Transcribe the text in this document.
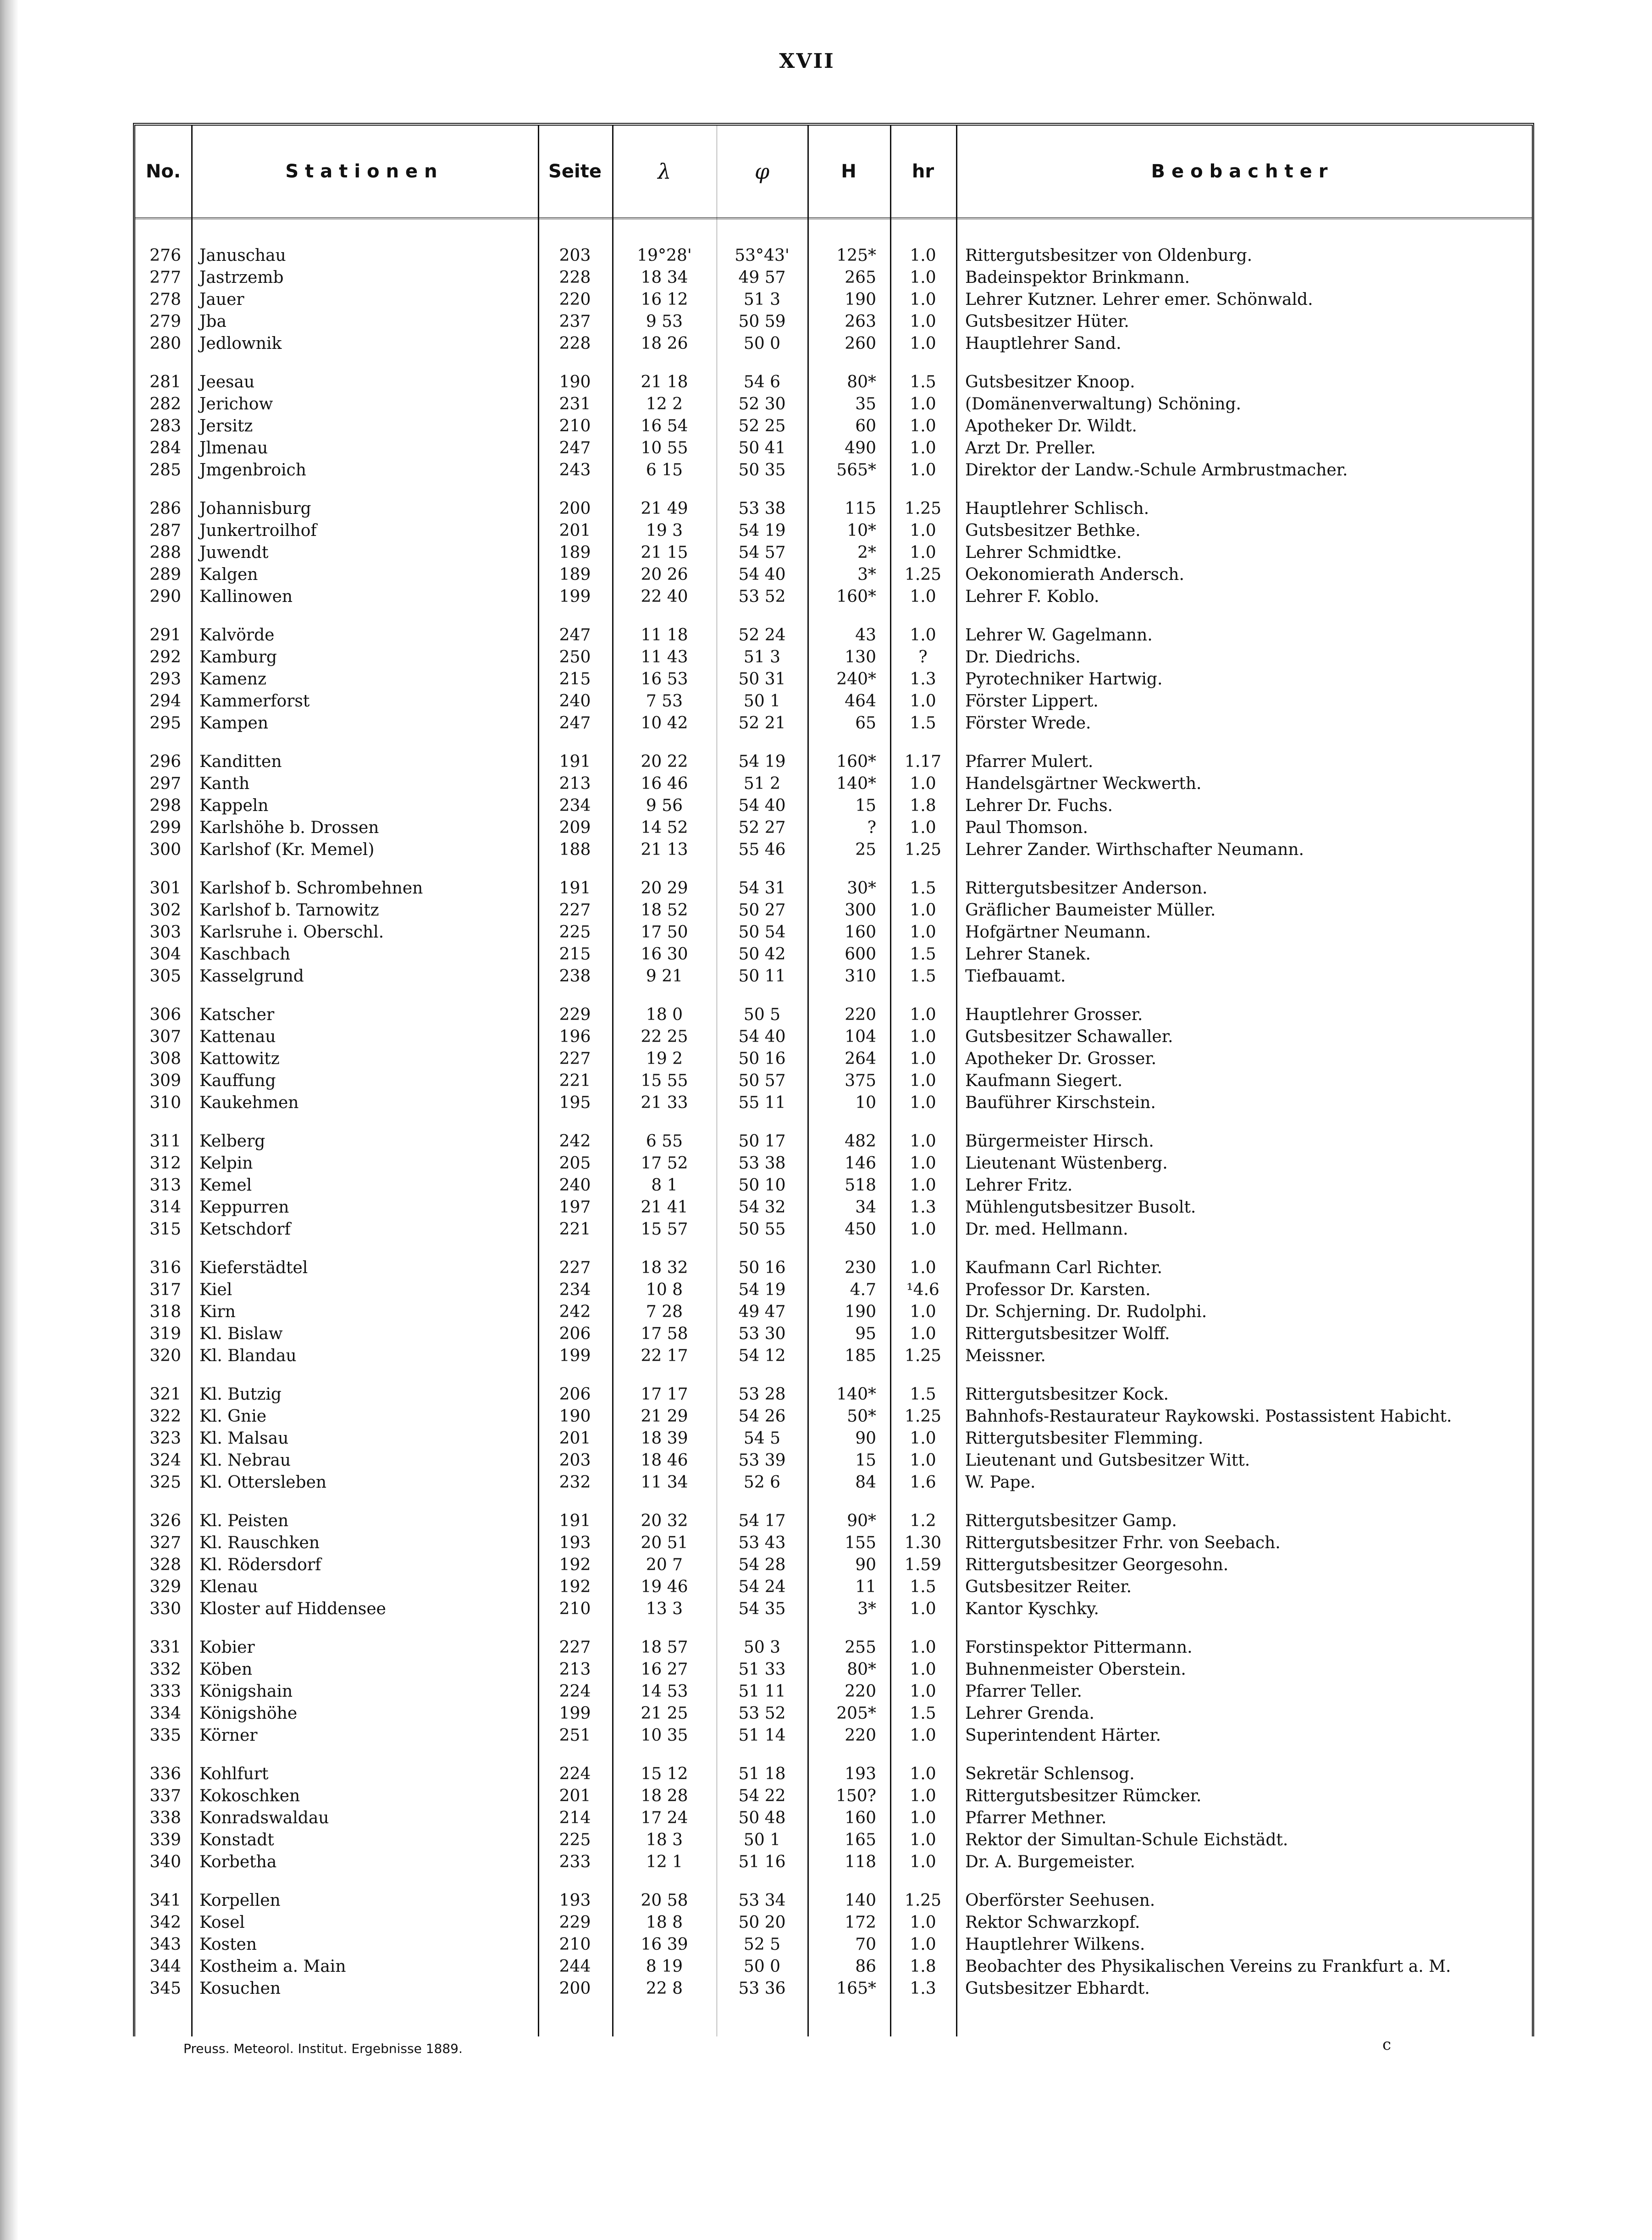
XVII
No.	Stationen	Seite	λ	φ	H	hr	Beobachter
276 Januschau	203	19°28'	53°43'	125*	1.0	Rittergutsbesitzer von Oldenburg.
277 Jastrzemb	228	18 34	49 57	265	1.0	Badeinspektor Brinkmann.
278 Jauer	220	16 12	51 3	190	1.0	Lehrer Kutzner. Lehrer emer. Schönwald.
279 Jba	237	9 53	50 59	263	1.0	Gutsbesitzer Hüter.
280 Jedlownik	228	18 26	50 0	260	1.0	Hauptlehrer Sand.
281 Jeesau	190	21 18	54 6	80*	1.5	Gutsbesitzer Knoop.
282 Jerichow	231	12 2	52 30	35	1.0	(Domänenverwaltung) Schöning.
283 Jersitz	210	16 54	52 25	60	1.0	Apotheker Dr. Wildt.
284 Jlmenau	247	10 55	50 41	490	1.0	Arzt Dr. Preller.
285 Jmgenbroich	243	6 15	50 35	565*	1.0	Direktor der Landw.-Schule Armbrustmacher.
286 Johannisburg	200	21 49	53 38	115	1.25	Hauptlehrer Schlisch.
287 Junkertroilhof	201	19 3	54 19	10*	1.0	Gutsbesitzer Bethke.
288 Juwendt	189	21 15	54 57	2*	1.0	Lehrer Schmidtke.
289 Kalgen	189	20 26	54 40	3*	1.25	Oekonomierath Andersch.
290 Kallinowen	199	22 40	53 52	160*	1.0	Lehrer F. Koblo.
291 Kalvörde	247	11 18	52 24	43	1.0	Lehrer W. Gagelmann.
292 Kamburg	250	11 43	51 3	130	?	Dr. Diedrichs.
293 Kamenz	215	16 53	50 31	240*	1.3	Pyrotechniker Hartwig.
294 Kammerforst	240	7 53	50 1	464	1.0	Förster Lippert.
295 Kampen	247	10 42	52 21	65	1.5	Förster Wrede.
296 Kanditten	191	20 22	54 19	160*	1.17	Pfarrer Mulert.
297 Kanth	213	16 46	51 2	140*	1.0	Handelsgärtner Weckwerth.
298 Kappeln	234	9 56	54 40	15	1.8	Lehrer Dr. Fuchs.
299 Karlshöhe b. Drossen	209	14 52	52 27	?	1.0	Paul Thomson.
300 Karlshof (Kr. Memel)	188	21 13	55 46	25	1.25	Lehrer Zander. Wirthschafter Neumann.
301 Karlshof b. Schrombehnen	191	20 29	54 31	30*	1.5	Rittergutsbesitzer Anderson.
302 Karlshof b. Tarnowitz	227	18 52	50 27	300	1.0	Gräflicher Baumeister Müller.
303 Karlsruhe i. Oberschl.	225	17 50	50 54	160	1.0	Hofgärtner Neumann.
304 Kaschbach	215	16 30	50 42	600	1.5	Lehrer Stanek.
305 Kasselgrund	238	9 21	50 11	310	1.5	Tiefbauamt.
306 Katscher	229	18 0	50 5	220	1.0	Hauptlehrer Grosser.
307 Kattenau	196	22 25	54 40	104	1.0	Gutsbesitzer Schawaller.
308 Kattowitz	227	19 2	50 16	264	1.0	Apotheker Dr. Grosser.
309 Kauffung	221	15 55	50 57	375	1.0	Kaufmann Siegert.
310 Kaukehmen	195	21 33	55 11	10	1.0	Bauführer Kirschstein.
311 Kelberg	242	6 55	50 17	482	1.0	Bürgermeister Hirsch.
312 Kelpin	205	17 52	53 38	146	1.0	Lieutenant Wüstenberg.
313 Kemel	240	8 1	50 10	518	1.0	Lehrer Fritz.
314 Keppurren	197	21 41	54 32	34	1.3	Mühlengutsbesitzer Busolt.
315 Ketschdorf	221	15 57	50 55	450	1.0	Dr. med. Hellmann.
316 Kieferstädtel	227	18 32	50 16	230	1.0	Kaufmann Carl Richter.
317 Kiel	234	10 8	54 19	4.7	¹4.6	Professor Dr. Karsten.
318 Kirn	242	7 28	49 47	190	1.0	Dr. Schjerning. Dr. Rudolphi.
319 Kl. Bislaw	206	17 58	53 30	95	1.0	Rittergutsbesitzer Wolff.
320 Kl. Blandau	199	22 17	54 12	185	1.25	Meissner.
321 Kl. Butzig	206	17 17	53 28	140*	1.5	Rittergutsbesitzer Kock.
322 Kl. Gnie	190	21 29	54 26	50*	1.25	Bahnhofs-Restaurateur Raykowski. Postassistent Habicht.
323 Kl. Malsau	201	18 39	54 5	90	1.0	Rittergutsbesiter Flemming.
324 Kl. Nebrau	203	18 46	53 39	15	1.0	Lieutenant und Gutsbesitzer Witt.
325 Kl. Ottersleben	232	11 34	52 6	84	1.6	W. Pape.
326 Kl. Peisten	191	20 32	54 17	90*	1.2	Rittergutsbesitzer Gamp.
327 Kl. Rauschken	193	20 51	53 43	155	1.30	Rittergutsbesitzer Frhr. von Seebach.
328 Kl. Rödersdorf	192	20 7	54 28	90	1.59	Rittergutsbesitzer Georgesohn.
329 Klenau	192	19 46	54 24	11	1.5	Gutsbesitzer Reiter.
330 Kloster auf Hiddensee	210	13 3	54 35	3*	1.0	Kantor Kyschky.
331 Kobier	227	18 57	50 3	255	1.0	Forstinspektor Pittermann.
332 Köben	213	16 27	51 33	80*	1.0	Buhnenmeister Oberstein.
333 Königshain	224	14 53	51 11	220	1.0	Pfarrer Teller.
334 Königshöhe	199	21 25	53 52	205*	1.5	Lehrer Grenda.
335 Körner	251	10 35	51 14	220	1.0	Superintendent Härter.
336 Kohlfurt	224	15 12	51 18	193	1.0	Sekretär Schlensog.
337 Kokoschken	201	18 28	54 22	150?	1.0	Rittergutsbesitzer Rümcker.
338 Konradswaldau	214	17 24	50 48	160	1.0	Pfarrer Methner.
339 Konstadt	225	18 3	50 1	165	1.0	Rektor der Simultan-Schule Eichstädt.
340 Korbetha	233	12 1	51 16	118	1.0	Dr. A. Burgemeister.
341 Korpellen	193	20 58	53 34	140	1.25	Oberförster Seehusen.
342 Kosel	229	18 8	50 20	172	1.0	Rektor Schwarzkopf.
343 Kosten	210	16 39	52 5	70	1.0	Hauptlehrer Wilkens.
344 Kostheim a. Main	244	8 19	50 0	86	1.8	Beobachter des Physikalischen Vereins zu Frankfurt a. M.
345 Kosuchen	200	22 8	53 36	165*	1.3	Gutsbesitzer Ebhardt.
Preuss. Meteorol. Institut. Ergebnisse 1889.	c
